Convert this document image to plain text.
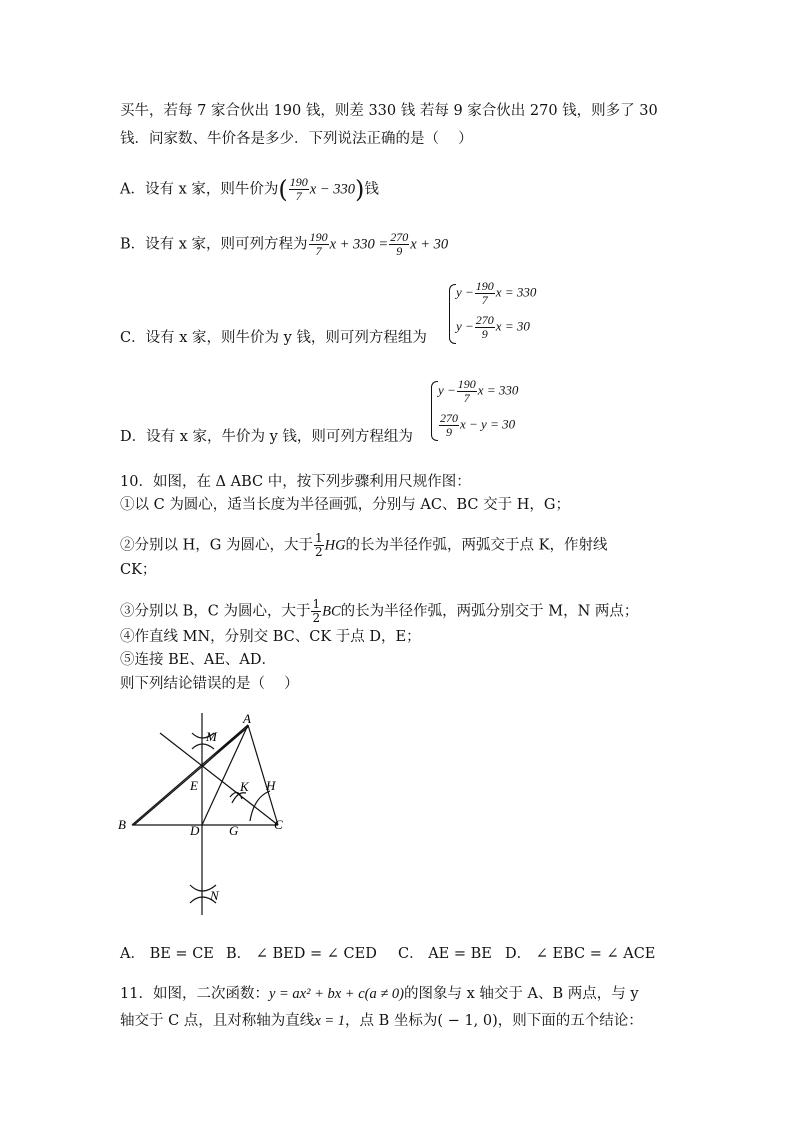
买牛，若每 7 家合伙出 190 钱，则差 330 钱 若每 9 家合伙出 270 钱，则多了 30
钱．问家数、牛价各是多少．下列说法正确的是（　 ）
A．设有 x 家，则牛价为( $\frac{190}{7}$ x − 330)钱
B．设有 x 家，则可列方程为 $\frac{190}{7}$ $x + 330 = \frac{270}{9}$ x + 30
C．设有 x 家，则牛价为 y 钱，则可列方程组为
$y - \frac{190}{7}$ x = 330
$y - \frac{270}{9}$ x = 30
D．设有 x 家，牛价为 y 钱，则可列方程组为
$y - \frac{190}{7}$ x = 330
$\frac{270}{9}$ x − y = 30
10．如图，在 Δ ABC 中，按下列步骤利用尺规作图：
①以 C 为圆心，适当长度为半径画弧，分别与 AC、BC 交于 H，G；
②分别以 H，G 为圆心，大于 $\frac{1}{2}$ HG的长为半径作弧，两弧交于点 K，作射线
CK；
③分别以 B，C 为圆心，大于 $\frac{1}{2}$ BC的长为半径作弧，两弧分别交于 M，N 两点；
④作直线 MN，分别交 BC、CK 于点 D，E；
⑤连接 BE、AE、AD．
则下列结论错误的是（　 ）
A
B	C
D
E
G
H
K
M
N
A． BE = CE B． ∠ BED = ∠ CED C． AE = BE D． ∠ EBC = ∠ ACE
11．如图，二次函数：y = ax² + bx + c(a ≠ 0)的图象与 x 轴交于 A、B 两点，与 y
轴交于 C 点，且对称轴为直线x = 1，点 B 坐标为( − 1, 0)，则下面的五个结论：
